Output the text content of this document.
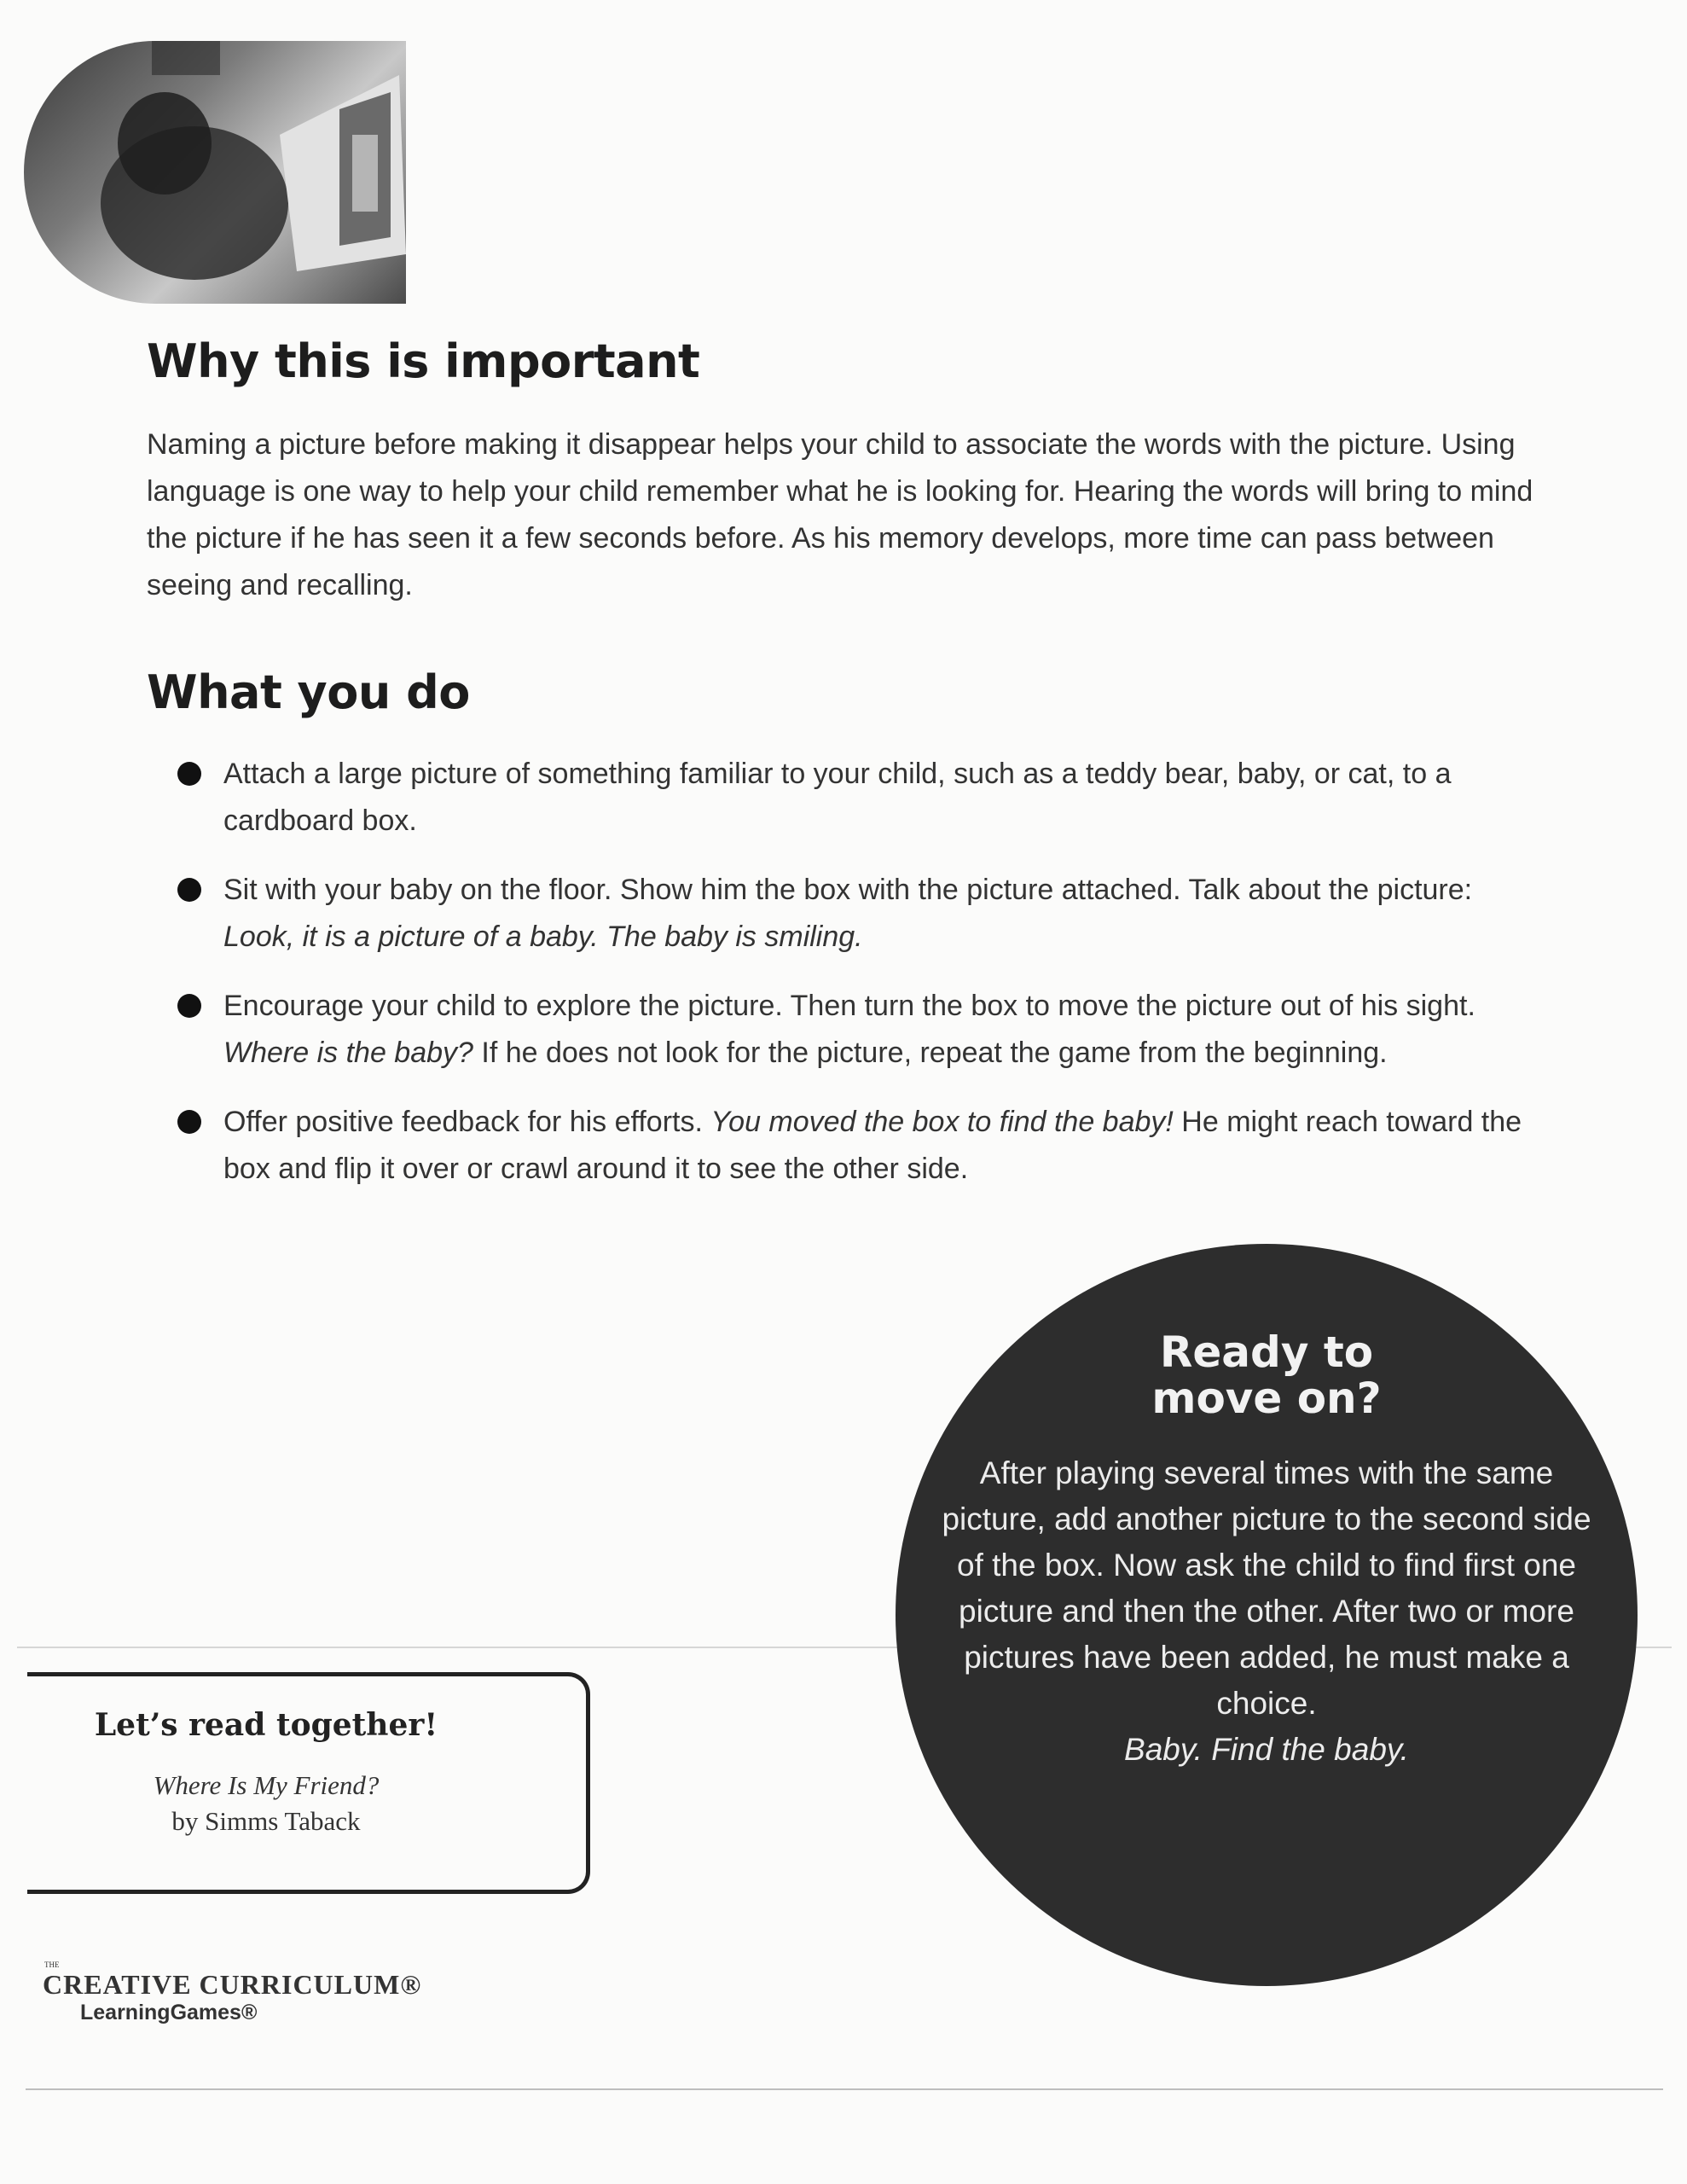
Why this is important

Naming a picture before making it disappear helps your child to associate the words with the picture. Using language is one way to help your child remember what he is looking for. Hearing the words will bring to mind the picture if he has seen it a few seconds before. As his memory develops, more time can pass between seeing and recalling.

What you do
Attach a large picture of something familiar to your child, such as a teddy bear, baby, or cat, to a cardboard box.
Sit with your baby on the floor. Show him the box with the picture attached. Talk about the picture: Look, it is a picture of a baby. The baby is smiling.
Encourage your child to explore the picture. Then turn the box to move the picture out of his sight. Where is the baby? If he does not look for the picture, repeat the game from the beginning.
Offer positive feedback for his efforts. You moved the box to find the baby! He might reach toward the box and flip it over or crawl around it to see the other side.
Ready to
move on?
After playing several times with the same picture, add another picture to the second side of the box. Now ask the child to find first one picture and then the other. After two or more pictures have been added, he must make a choice.
Baby. Find the baby.
Let’s read together!
Where Is My Friend?
by Simms Taback
THE
CREATIVE CURRICULUM®
LearningGames®
